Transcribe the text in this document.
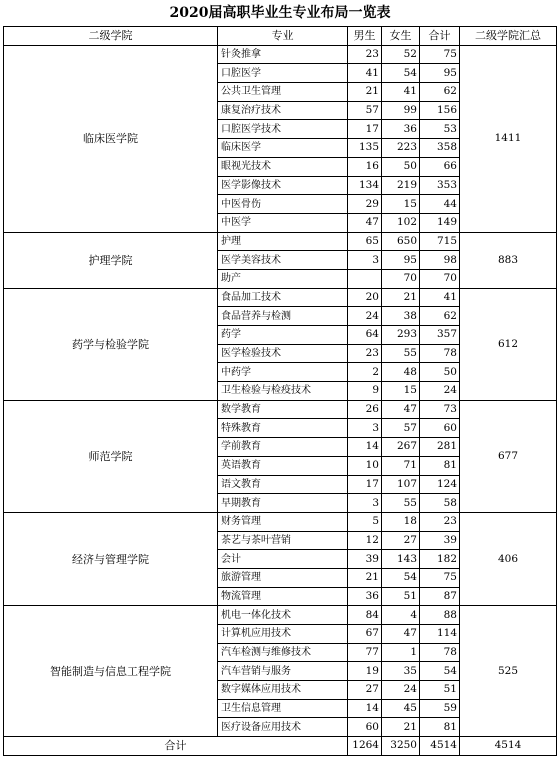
2020届高职毕业生专业布局一览表
二级学院	专业	男生	女生	合计	二级学院汇总
临床医学院	针灸推拿	23	52	75	1411
	口腔医学	41	54	95	
	公共卫生管理	21	41	62	
	康复治疗技术	57	99	156	
	口腔医学技术	17	36	53	
	临床医学	135	223	358	
	眼视光技术	16	50	66	
	医学影像技术	134	219	353	
	中医骨伤	29	15	44	
	中医学	47	102	149	
护理学院	护理	65	650	715	883
	医学美容技术	3	95	98	
	助产		70	70	
药学与检验学院	食品加工技术	20	21	41	612
	食品营养与检测	24	38	62	
	药学	64	293	357	
	医学检验技术	23	55	78	
	中药学	2	48	50	
	卫生检验与检疫技术	9	15	24	
师范学院	数学教育	26	47	73	677
	特殊教育	3	57	60	
	学前教育	14	267	281	
	英语教育	10	71	81	
	语文教育	17	107	124	
	早期教育	3	55	58	
经济与管理学院	财务管理	5	18	23	406
	茶艺与茶叶营销	12	27	39	
	会计	39	143	182	
	旅游管理	21	54	75	
	物流管理	36	51	87	
智能制造与信息工程学院	机电一体化技术	84	4	88	525
	计算机应用技术	67	47	114	
	汽车检测与维修技术	77	1	78	
	汽车营销与服务	19	35	54	
	数字媒体应用技术	27	24	51	
	卫生信息管理	14	45	59	
	医疗设备应用技术	60	21	81	
合计		1264	3250	4514	4514
